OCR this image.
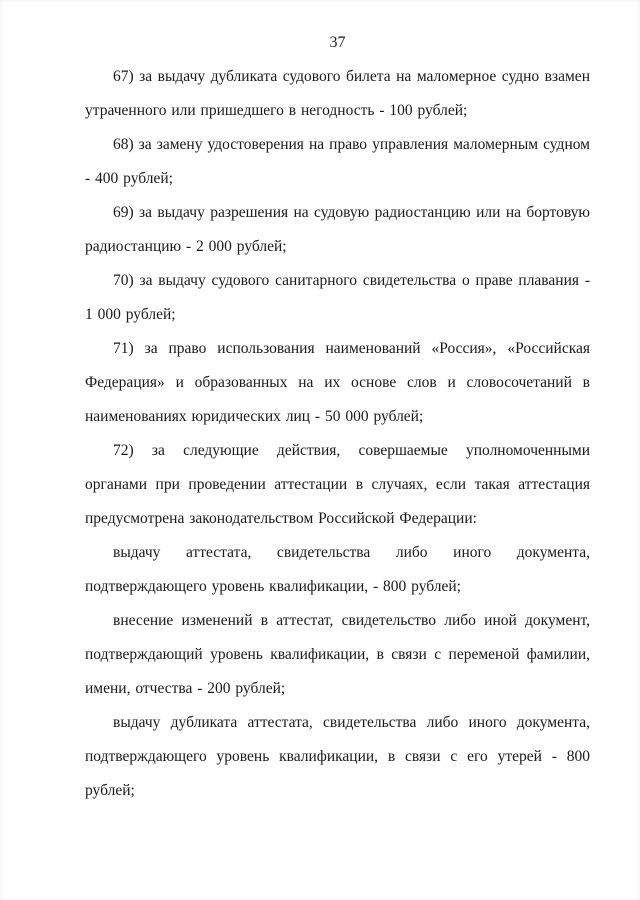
37

67) за выдачу дубликата судового билета на маломерное судно взамен утраченного или пришедшего в негодность - 100 рублей;

68) за замену удостоверения на право управления маломерным судном - 400 рублей;

69) за выдачу разрешения на судовую радиостанцию или на бортовую радиостанцию - 2 000 рублей;

70) за выдачу судового санитарного свидетельства о праве плавания - 1 000 рублей;

71) за право использования наименований «Россия», «Российская Федерация» и образованных на их основе слов и словосочетаний в наименованиях юридических лиц - 50 000 рублей;

72) за следующие действия, совершаемые уполномоченными органами при проведении аттестации в случаях, если такая аттестация предусмотрена законодательством Российской Федерации:

выдачу аттестата, свидетельства либо иного документа, подтверждающего уровень квалификации, - 800 рублей;

внесение изменений в аттестат, свидетельство либо иной документ, подтверждающий уровень квалификации, в связи с переменой фамилии, имени, отчества - 200 рублей;

выдачу дубликата аттестата, свидетельства либо иного документа, подтверждающего уровень квалификации, в связи с его утерей - 800 рублей;
